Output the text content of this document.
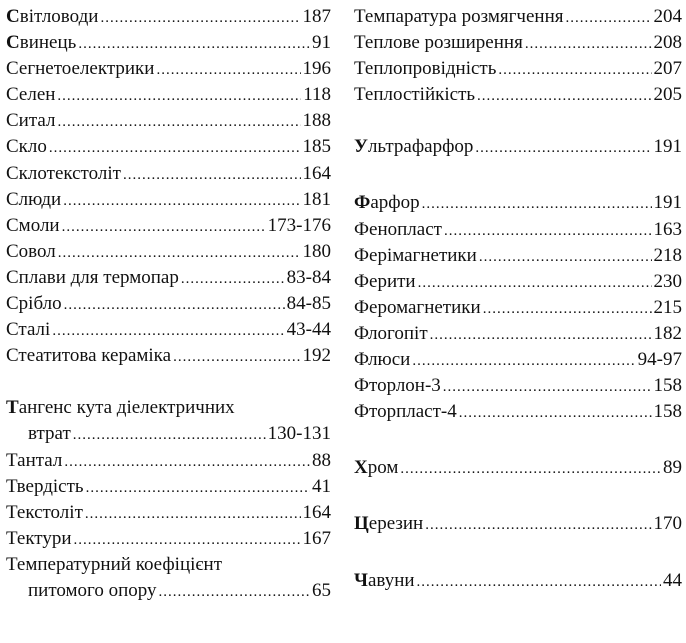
Світловоди .....	187
Свинець .....	91
Сегнетоелектрики .....	196
Селен .....	118
Ситал .....	188
Скло .....	185
Склотекстоліт .....	164
Слюди .....	181
Смоли .....	173-176
Совол .....	180
Сплави для термопар .....	83-84
Срібло .....	84-85
Сталі .....	43-44
Стеатитова кераміка .....	192
Тангенс кута діелектричних
втрат .....	130-131
Тантал .....	88
Твердість .....	41
Текстоліт .....	164
Тектури .....	167
Температурний коефіцієнт
питомого опору .....	65
Темпаратура розмягчення .....	204
Теплове розширення .....	208
Теплопровідність .....	207
Теплостійкість .....	205
Ультрафарфор .....	191
Фарфор .....	191
Фенопласт .....	163
Ферімагнетики .....	218
Ферити .....	230
Феромагнетики .....	215
Флогопіт .....	182
Флюси .....	94-97
Фторлон-3 .....	158
Фторпласт-4 .....	158
Хром .....	89
Церезин .....	170
Чавуни .....	44
